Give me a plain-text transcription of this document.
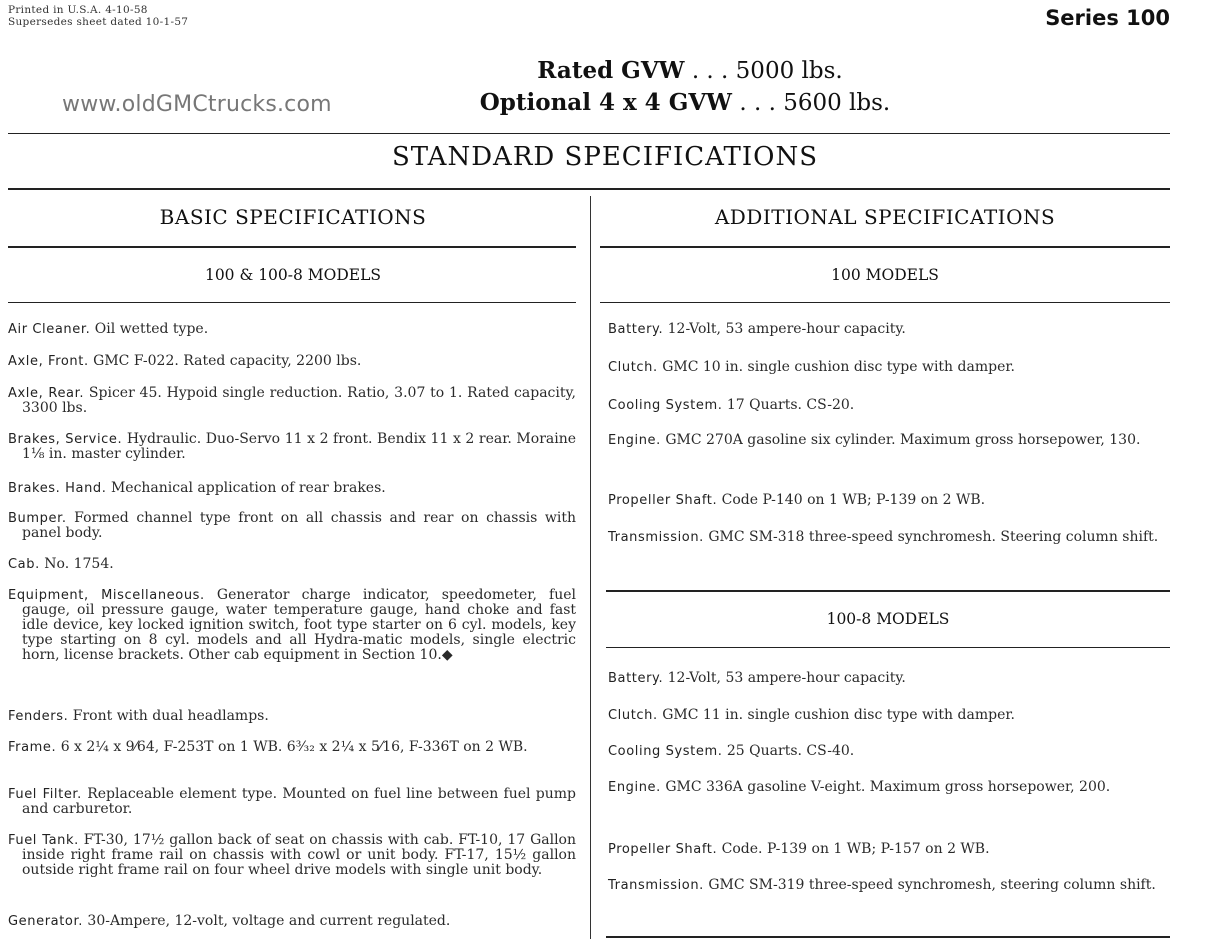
Printed in U.S.A. 4-10-58
Supersedes sheet dated 10-1-57	Series 100
Rated GVW . . . 5000 lbs.
Optional 4 x 4 GVW . . . 5600 lbs.
www.oldGMCtrucks.com
STANDARD SPECIFICATIONS
BASIC SPECIFICATIONS
100 & 100-8 MODELS
Air Cleaner. Oil wetted type.
Axle, Front. GMC F-022. Rated capacity, 2200 lbs.
Axle, Rear. Spicer 45. Hypoid single reduction. Ratio, 3.07 to 1. Rated capacity, 3300 lbs.
Brakes, Service. Hydraulic. Duo-Servo 11 x 2 front. Bendix 11 x 2 rear. Moraine 1⅛ in. master cylinder.
Brakes. Hand. Mechanical application of rear brakes.
Bumper. Formed channel type front on all chassis and rear on chassis with panel body.
Cab. No. 1754.
Equipment, Miscellaneous. Generator charge indicator, speedometer, fuel gauge, oil pressure gauge, water temperature gauge, hand choke and fast idle device, key locked ignition switch, foot type starter on 6 cyl. models, key type starting on 8 cyl. models and all Hydra-matic models, single electric horn, license brackets. Other cab equipment in Section 10.◆
Fenders. Front with dual headlamps.
Frame. 6 x 2¼ x 9⁄64, F-253T on 1 WB. 6³⁄₃₂ x 2¼ x 5⁄16, F-336T on 2 WB.
Fuel Filter. Replaceable element type. Mounted on fuel line between fuel pump and carburetor.
Fuel Tank. FT-30, 17½ gallon back of seat on chassis with cab. FT-10, 17 Gallon inside right frame rail on chassis with cowl or unit body. FT-17, 15½ gallon outside right frame rail on four wheel drive models with single unit body.
Generator. 30-Ampere, 12-volt, voltage and current regulated.
ADDITIONAL SPECIFICATIONS
100 MODELS
Battery. 12-Volt, 53 ampere-hour capacity.
Clutch. GMC 10 in. single cushion disc type with damper.
Cooling System. 17 Quarts. CS-20.
Engine. GMC 270A gasoline six cylinder. Maximum gross horsepower, 130.
Propeller Shaft. Code P-140 on 1 WB; P-139 on 2 WB.
Transmission. GMC SM-318 three-speed synchromesh. Steering column shift.
100-8 MODELS
Battery. 12-Volt, 53 ampere-hour capacity.
Clutch. GMC 11 in. single cushion disc type with damper.
Cooling System. 25 Quarts. CS-40.
Engine. GMC 336A gasoline V-eight. Maximum gross horsepower, 200.
Propeller Shaft. Code. P-139 on 1 WB; P-157 on 2 WB.
Transmission. GMC SM-319 three-speed synchromesh, steering column shift.
